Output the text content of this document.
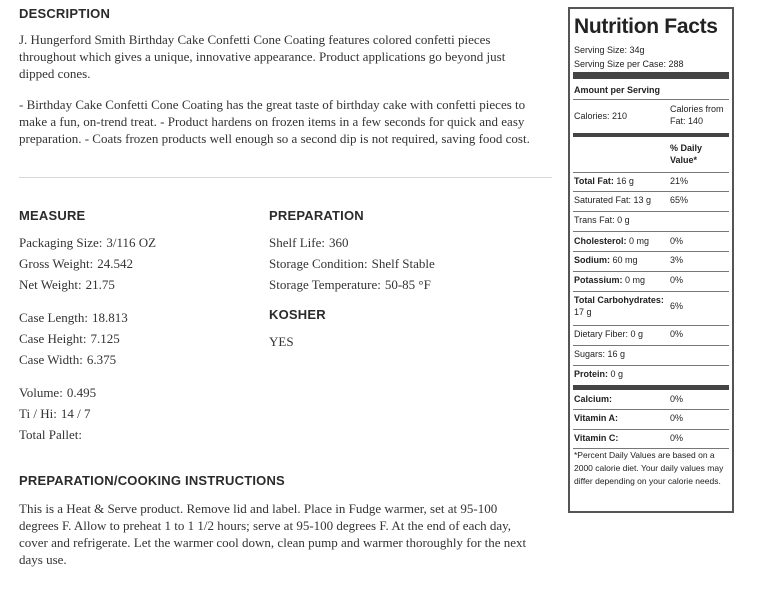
DESCRIPTION
J. Hungerford Smith Birthday Cake Confetti Cone Coating features colored confetti pieces
throughout which gives a unique, innovative appearance. Product applications go beyond just
dipped cones.
- Birthday Cake Confetti Cone Coating has the great taste of birthday cake with confetti pieces to
make a fun, on-trend treat. - Product hardens on frozen items in a few seconds for quick and easy
preparation. - Coats frozen products well enough so a second dip is not required, saving food cost.
MEASURE
Packaging Size: 3/116 OZ
Gross Weight: 24.542
Net Weight: 21.75
Case Length: 18.813
Case Height: 7.125
Case Width: 6.375
Volume: 0.495
Ti / Hi: 14 / 7
Total Pallet:
PREPARATION
Shelf Life: 360
Storage Condition: Shelf Stable
Storage Temperature: 50-85 °F
KOSHER
YES
PREPARATION/COOKING INSTRUCTIONS
This is a Heat & Serve product. Remove lid and label. Place in Fudge warmer, set at 95-100
degrees F. Allow to preheat 1 to 1 1/2 hours; serve at 95-100 degrees F. At the end of each day,
cover and refrigerate. Let the warmer cool down, clean pump and warmer thoroughly for the next
days use.
Nutrition Facts
Serving Size: 34g
Serving Size per Case: 288
Amount per Serving
Calories: 210
Calories from
Fat: 140
% Daily
Value*
Total Fat: 16 g	21%
Saturated Fat: 13 g 65%
Trans Fat: 0 g
Cholesterol: 0 mg 0%
Sodium: 60 mg	3%
Potassium: 0 mg	0%
Total Carbohydrates:
17 g
6%
Dietary Fiber: 0 g	0%
Sugars: 16 g
Protein: 0 g
Calcium:	0%
Vitamin A:	0%
Vitamin C:	0%
*Percent Daily Values are based on a 2000 calorie diet. Your daily values may differ depending on your calorie needs.
